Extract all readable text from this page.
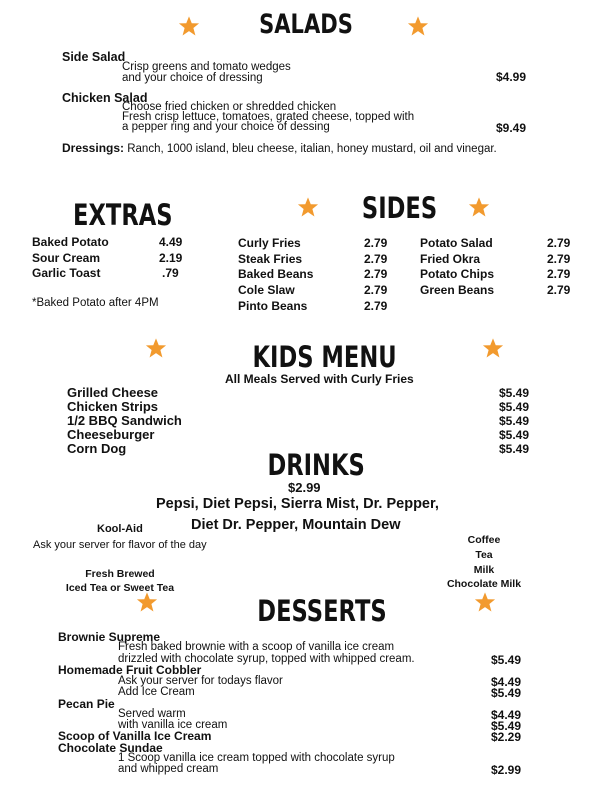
SALADS
Side Salad
Crisp greens and tomato wedges
and your choice of dressing	$4.99
Chicken Salad
Choose fried chicken or shredded chicken
Fresh crisp lettuce, tomatoes, grated cheese, topped with
a pepper ring and your choice of dessing	$9.49
Dressings: Ranch, 1000 island, bleu cheese, italian, honey mustard, oil and vinegar.
EXTRAS
Baked Potato	4.49
Sour Cream	2.19
Garlic Toast	.79
*Baked Potato after 4PM
SIDES
Curly Fries	2.79
Steak Fries	2.79
Baked Beans	2.79
Cole Slaw	2.79
Pinto Beans	2.79
Potato Salad	2.79
Fried Okra	2.79
Potato Chips	2.79
Green Beans	2.79
KIDS MENU
All Meals Served with Curly Fries
Grilled Cheese	$5.49
Chicken Strips	$5.49
1/2 BBQ Sandwich	$5.49
Cheeseburger	$5.49
Corn Dog	$5.49
DRINKS
$2.99
Pepsi, Diet Pepsi, Sierra Mist, Dr. Pepper,
Diet Dr. Pepper, Mountain Dew
Kool-Aid
Ask your server for flavor of the day
Fresh Brewed
Iced Tea or Sweet Tea
Coffee
Tea
Milk
Chocolate Milk
DESSERTS
Brownie Supreme
Fresh baked brownie with a scoop of vanilla ice cream
drizzled with chocolate syrup, topped with whipped cream.	$5.49
Homemade Fruit Cobbler
Ask your server for todays flavor	$4.49
Add Ice Cream	$5.49
Pecan Pie
Served warm	$4.49
with vanilla ice cream	$5.49
Scoop of Vanilla Ice Cream	$2.29
Chocolate Sundae
1 Scoop vanilla ice cream topped with chocolate syrup
and whipped cream	$2.99
